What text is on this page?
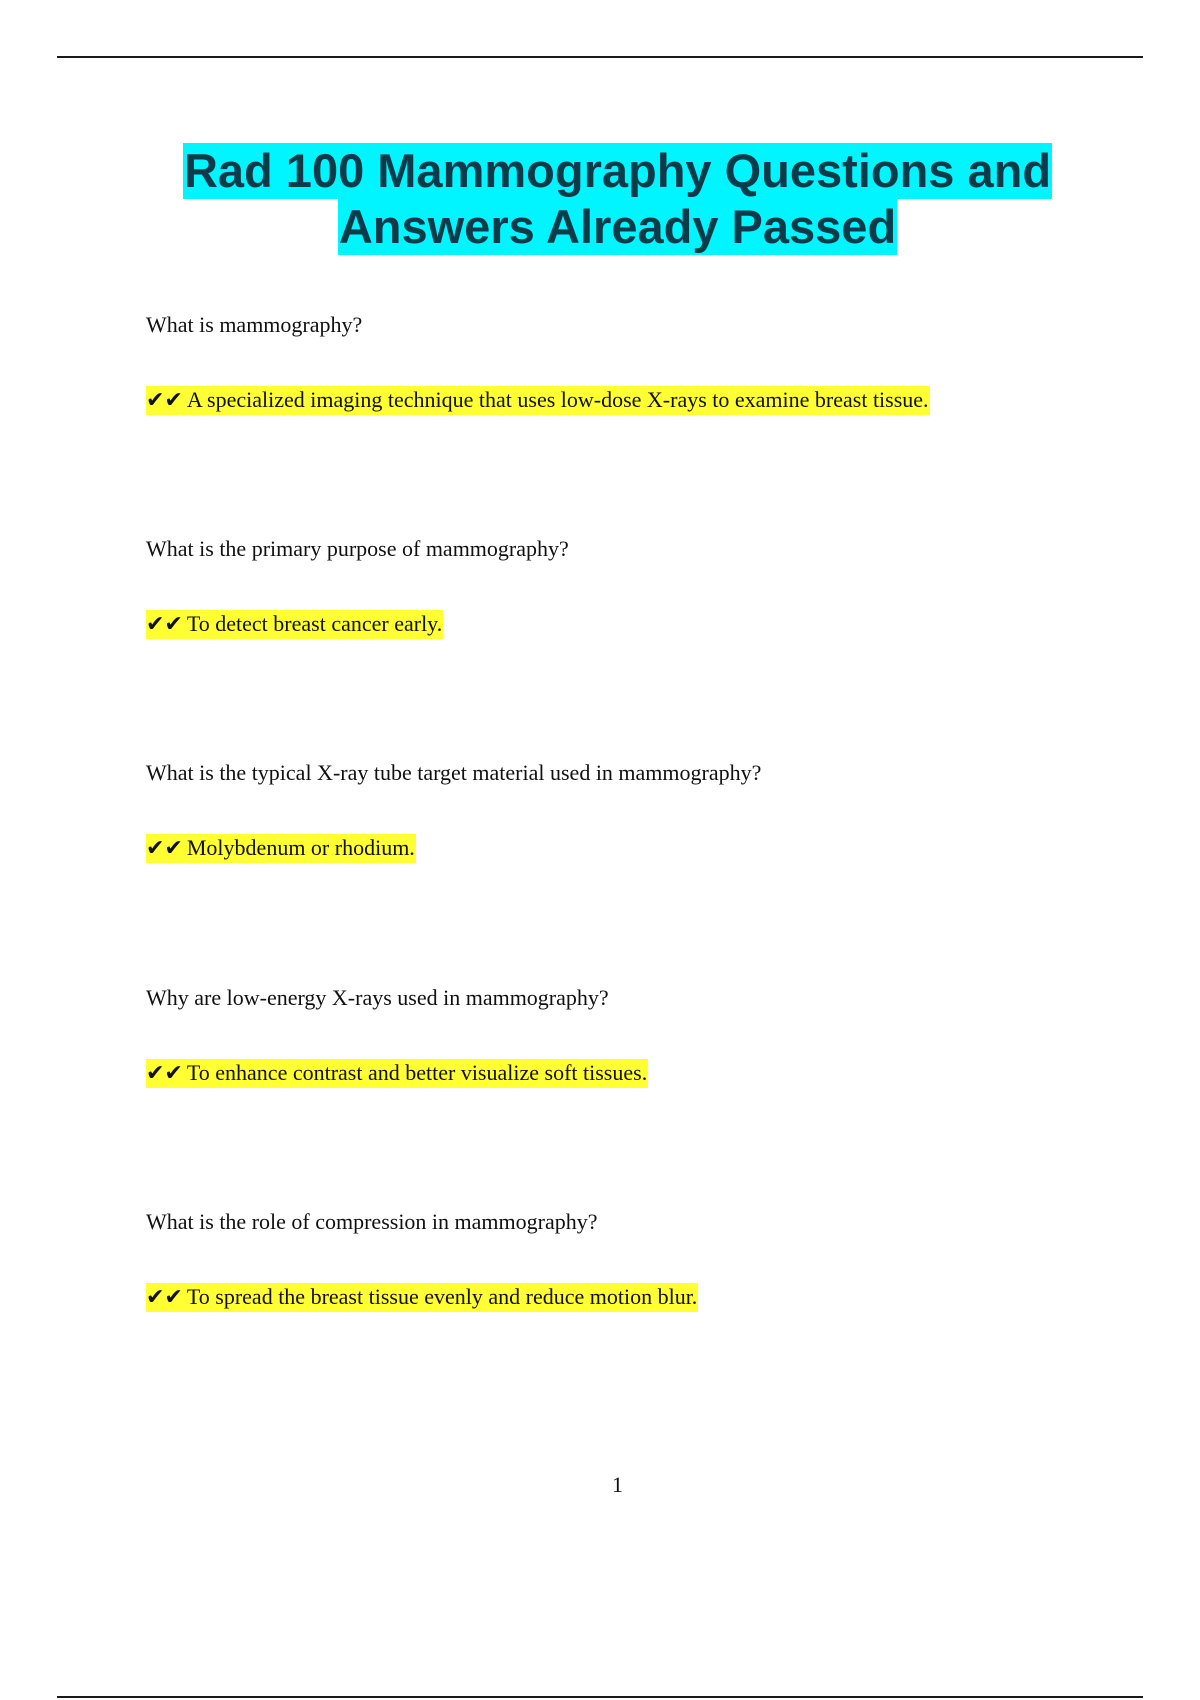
Rad 100 Mammography Questions and
Answers Already Passed
What is mammography?
✔✔ A specialized imaging technique that uses low-dose X-rays to examine breast tissue.
What is the primary purpose of mammography?
✔✔ To detect breast cancer early.
What is the typical X-ray tube target material used in mammography?
✔✔ Molybdenum or rhodium.
Why are low-energy X-rays used in mammography?
✔✔ To enhance contrast and better visualize soft tissues.
What is the role of compression in mammography?
✔✔ To spread the breast tissue evenly and reduce motion blur.
1
